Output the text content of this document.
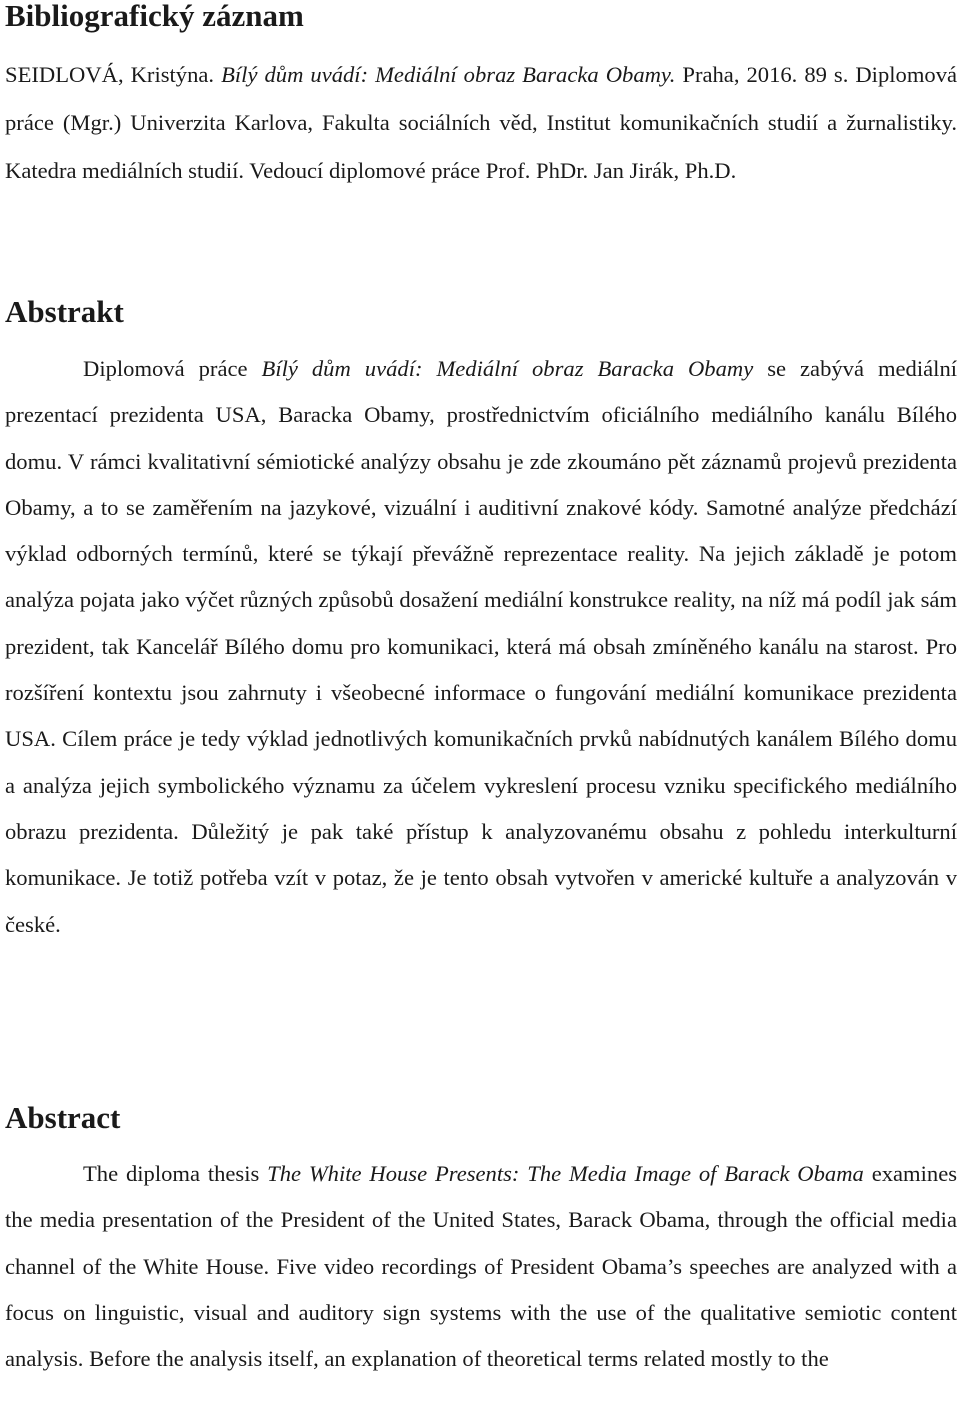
Bibliografický záznam

SEIDLOVÁ, Kristýna. Bílý dům uvádí: Mediální obraz Baracka Obamy. Praha, 2016. 89 s. Diplomová práce (Mgr.) Univerzita Karlova, Fakulta sociálních věd, Institut komunikačních studií a žurnalistiky. Katedra mediálních studií. Vedoucí diplomové práce Prof. PhDr. Jan Jirák, Ph.D.

Abstrakt

Diplomová práce Bílý dům uvádí: Mediální obraz Baracka Obamy se zabývá mediální prezentací prezidenta USA, Baracka Obamy, prostřednictvím oficiálního mediálního kanálu Bílého domu. V rámci kvalitativní sémiotické analýzy obsahu je zde zkoumáno pět záznamů projevů prezidenta Obamy, a to se zaměřením na jazykové, vizuální i auditivní znakové kódy. Samotné analýze předchází výklad odborných termínů, které se týkají převážně reprezentace reality. Na jejich základě je potom analýza pojata jako výčet různých způsobů dosažení mediální konstrukce reality, na níž má podíl jak sám prezident, tak Kancelář Bílého domu pro komunikaci, která má obsah zmíněného kanálu na starost. Pro rozšíření kontextu jsou zahrnuty i všeobecné informace o fungování mediální komunikace prezidenta USA. Cílem práce je tedy výklad jednotlivých komunikačních prvků nabídnutých kanálem Bílého domu a analýza jejich symbolického významu za účelem vykreslení procesu vzniku specifického mediálního obrazu prezidenta. Důležitý je pak také přístup k analyzovanému obsahu z pohledu interkulturní komunikace. Je totiž potřeba vzít v potaz, že je tento obsah vytvořen v americké kultuře a analyzován v české.

Abstract

The diploma thesis The White House Presents: The Media Image of Barack Obama examines the media presentation of the President of the United States, Barack Obama, through the official media channel of the White House. Five video recordings of President Obama’s speeches are analyzed with a focus on linguistic, visual and auditory sign systems with the use of the qualitative semiotic content analysis. Before the analysis itself, an explanation of theoretical terms related mostly to the
